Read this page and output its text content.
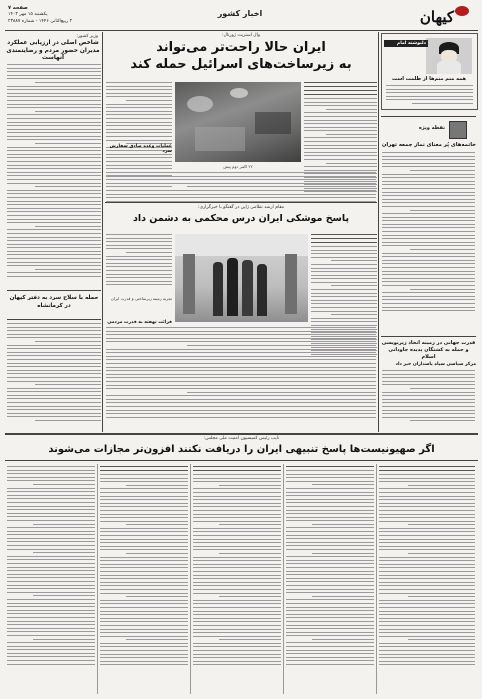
صفحه ۷
یکشنبه ۱۵ مهر ۱۴۰۳
۲ ربیع‌الثانی ۱۴۴۶ - شماره ۲۳۸۸۷
اخبار کشور	کیهان
وزیر کشور:
شاخص اصلی در ارزیابی عملکرد مدیران حضور مردم و رضایتمندی آنهاست
حمله با سلاح سرد به دفتر کیهان در کرمانشاه
وال استریت ژورنال:
ایران حالا راحت‌تر می‌تواند
به زیرساخت‌های اسرائیل حمله کند
۲۲ اکتبر دوم پیش
عملیات وعده صادق سفارش سرد
مقام ارشد نظامی ژاپن در گفتگو با خبرگزاری:
پاسخ موشکی ایران درس محکمی به دشمن داد
تجربه زمینه زیرساختی و قدرت ایران
قرائت نهفته به قدرت مردمی
دلنوشته امام
همه منم منم‌ها از ظلمت است
نقطه ویژه
خاتمه‌های پُر معنای نماز جمعه تهران
قدرت جهانی در زمینه اتخاذ زیرنویسی و حمله به کشتگان پدیده جاودانی اسلام
مرکز سیاسی سپاه پاسداران خبر داد
نایب رئیس کمیسیون امنیت ملی مجلس:
اگر صهیونیست‌ها پاسخ تنبیهی ایران را دریافت نکنند افزون‌تر مجازات می‌شوند
